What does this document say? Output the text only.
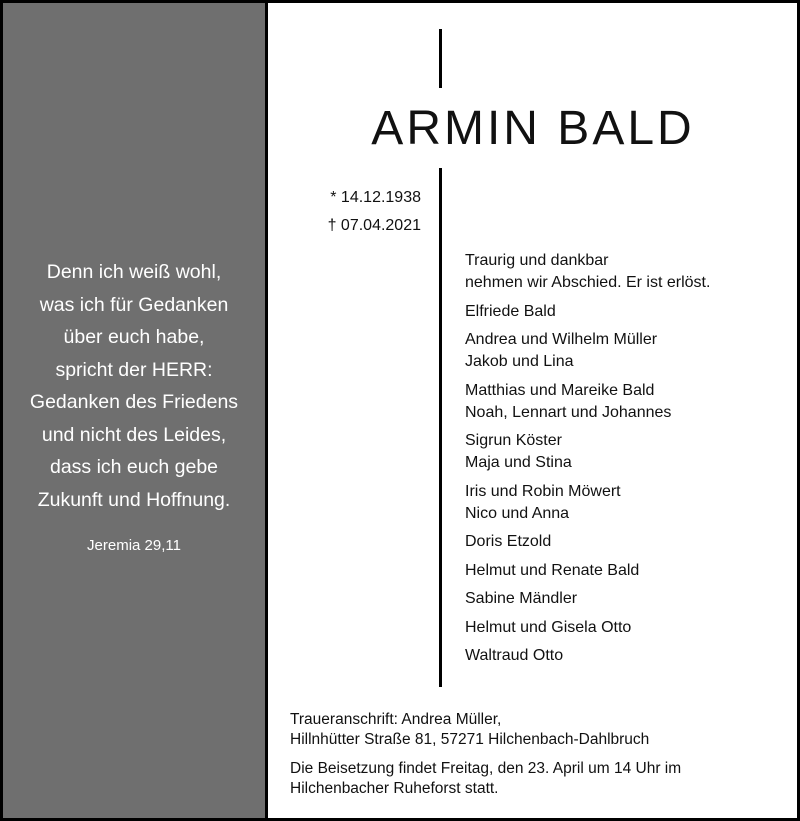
Denn ich weiß wohl,
was ich für Gedanken
über euch habe,
spricht der HERR:
Gedanken des Friedens
und nicht des Leides,
dass ich euch gebe
Zukunft und Hoffnung.
Jeremia 29,11
ARMIN BALD
* 14.12.1938
† 07.04.2021
Traurig und dankbar
nehmen wir Abschied. Er ist erlöst.
Elfriede Bald
Andrea und Wilhelm Müller
Jakob und Lina
Matthias und Mareike Bald
Noah, Lennart und Johannes
Sigrun Köster
Maja und Stina
Iris und Robin Möwert
Nico und Anna
Doris Etzold
Helmut und Renate Bald
Sabine Mändler
Helmut und Gisela Otto
Waltraud Otto
Traueranschrift: Andrea Müller,
Hillnhütter Straße 81, 57271 Hilchenbach-Dahlbruch
Die Beisetzung findet Freitag, den 23. April um 14 Uhr im
Hilchenbacher Ruheforst statt.
